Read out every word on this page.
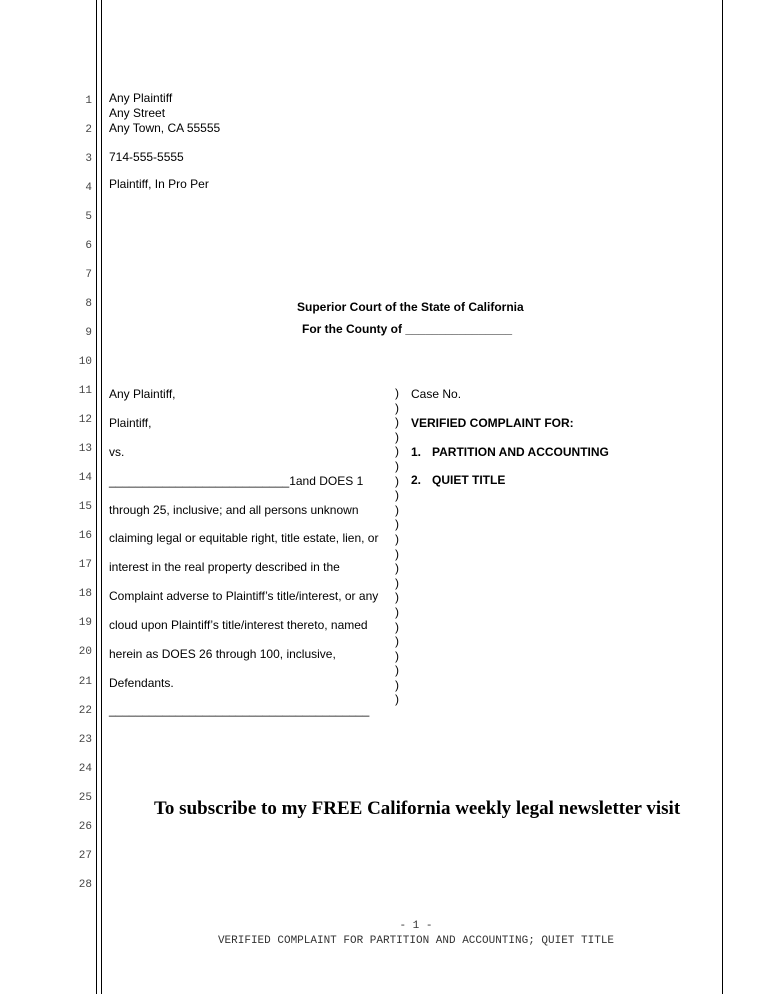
1
2
3
4
5
6
7
8
9
10
11
12
13
14
15
16
17
18
19
20
21
22
23
24
25
26
27
28
Any Plaintiff
Any Street
Any Town, CA 55555
714-555-5555
Plaintiff, In Pro Per
Superior Court of the State of California
For the County of ________________
Any Plaintiff,
Plaintiff,
vs.
___________________________1and DOES 1
through 25, inclusive; and all persons unknown
claiming legal or equitable right, title estate, lien, or
interest in the real property described in the
Complaint adverse to Plaintiff’s title/interest, or any
cloud upon Plaintiff’s title/interest thereto, named
herein as DOES 26 through 100, inclusive,
Defendants.
_______________________________________
)
)
)
)
)
)
)
)
)
)
)
)
)
)
)
)
)
)
)
)
)
)
Case No.
VERIFIED COMPLAINT FOR:
1. PARTITION AND ACCOUNTING
2. QUIET TITLE
To subscribe to my FREE California weekly legal newsletter visit
- 1 -
VERIFIED COMPLAINT FOR PARTITION AND ACCOUNTING; QUIET TITLE
